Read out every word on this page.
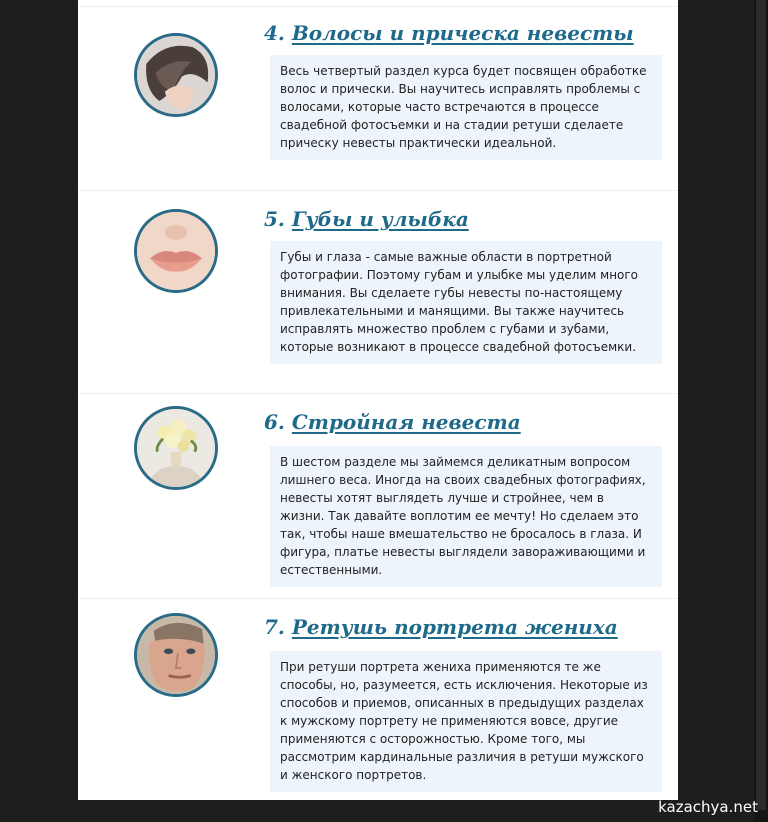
4. Волосы и прическа невесты
Весь четвертый раздел курса будет посвящен обработке волос и прически. Вы научитесь исправлять проблемы с волосами, которые часто встречаются в процессе свадебной фотосъемки и на стадии ретуши сделаете прическу невесты практически идеальной.
5. Губы и улыбка
Губы и глаза - самые важные области в портретной фотографии. Поэтому губам и улыбке мы уделим много внимания. Вы сделаете губы невесты по-настоящему привлекательными и манящими. Вы также научитесь исправлять множество проблем с губами и зубами, которые возникают в процессе свадебной фотосъемки.
6. Стройная невеста
В шестом разделе мы займемся деликатным вопросом лишнего веса. Иногда на своих свадебных фотографиях, невесты хотят выглядеть лучше и стройнее, чем в жизни. Так давайте воплотим ее мечту! Но сделаем это так, чтобы наше вмешательство не бросалось в глаза. И фигура, платье невесты выглядели завораживающими и естественными.
7. Ретушь портрета жениха
При ретуши портрета жениха применяются те же способы, но, разумеется, есть исключения. Некоторые из способов и приемов, описанных в предыдущих разделах к мужскому портрету не применяются вовсе, другие применяются с осторожностью. Кроме того, мы рассмотрим кардинальные различия в ретуши мужского и женского портретов.
kazachya.net
